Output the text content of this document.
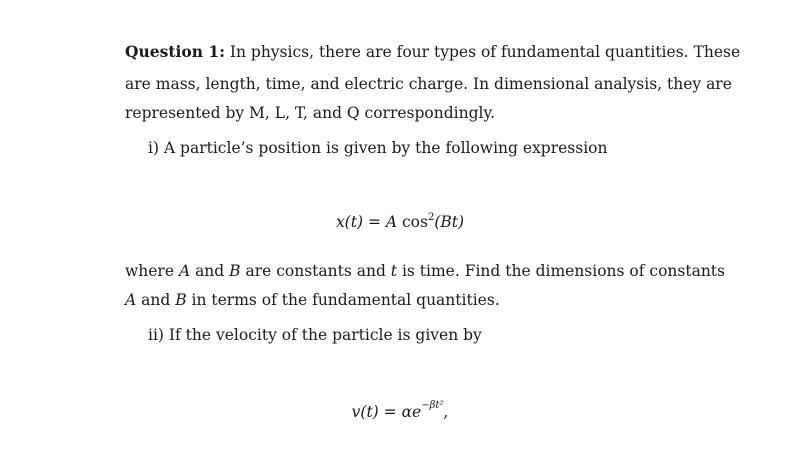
Question 1: In physics, there are four types of fundamental quantities. These
are mass, length, time, and electric charge. In dimensional analysis, they are
represented by M, L, T, and Q correspondingly.
i) A particle’s position is given by the following expression
x(t) = A $\cos^2(Bt)$
where A and B are constants and t is time. Find the dimensions of constants
A and B in terms of the fundamental quantities.
ii) If the velocity of the particle is given by
$v(t) = \alpha e^{-\beta t^2}$,
